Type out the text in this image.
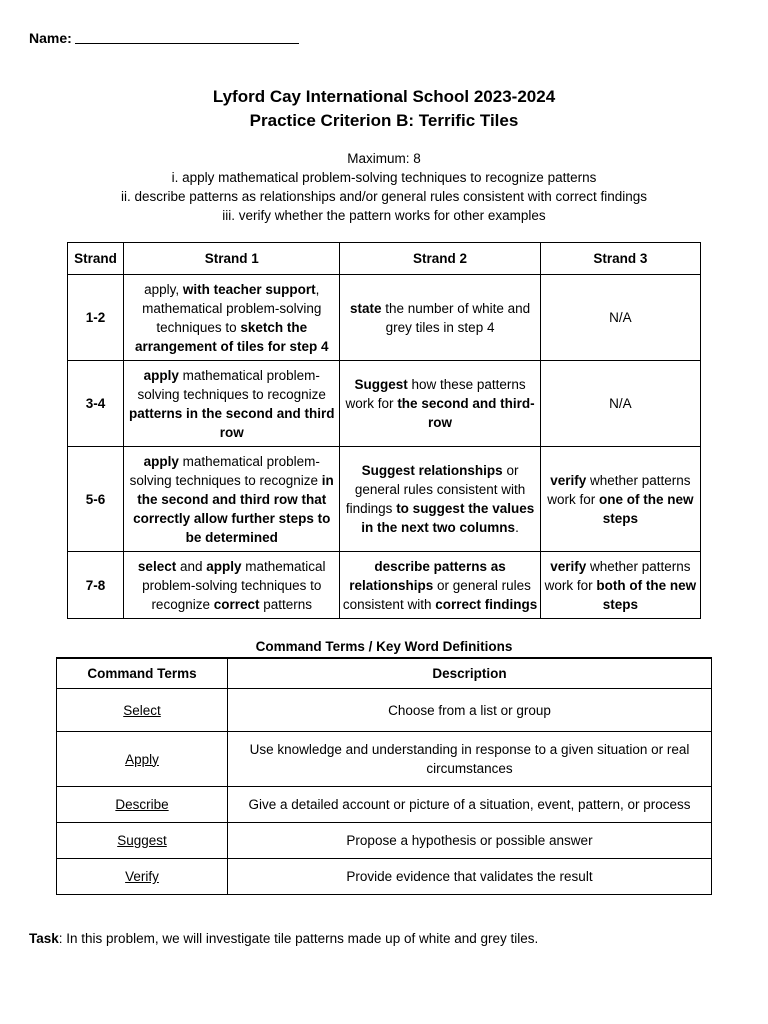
Name:
Lyford Cay International School 2023-2024
Practice Criterion B: Terrific Tiles
Maximum: 8
i. apply mathematical problem-solving techniques to recognize patterns
ii. describe patterns as relationships and/or general rules consistent with correct findings
iii. verify whether the pattern works for other examples
Strand	Strand 1	Strand 2	Strand 3
1-2	apply, with teacher support, mathematical problem-solving techniques to sketch the arrangement of tiles for step 4	state the number of white and grey tiles in step 4	N/A
3-4	apply mathematical problem-solving techniques to recognize patterns in the second and third row	Suggest how these patterns work for the second and third-row	N/A
5-6	apply mathematical problem-solving techniques to recognize in the second and third row that correctly allow further steps to be determined	Suggest relationships or general rules consistent with findings to suggest the values in the next two columns.	verify whether patterns work for one of the new steps
7-8	select and apply mathematical problem-solving techniques to recognize correct patterns	describe patterns as relationships or general rules consistent with correct findings	verify whether patterns work for both of the new steps
Command Terms / Key Word Definitions
Command Terms	Description
Select	Choose from a list or group
Apply	Use knowledge and understanding in response to a given situation or real circumstances
Describe	Give a detailed account or picture of a situation, event, pattern, or process
Suggest	Propose a hypothesis or possible answer
Verify	Provide evidence that validates the result
Task: In this problem, we will investigate tile patterns made up of white and grey tiles.
